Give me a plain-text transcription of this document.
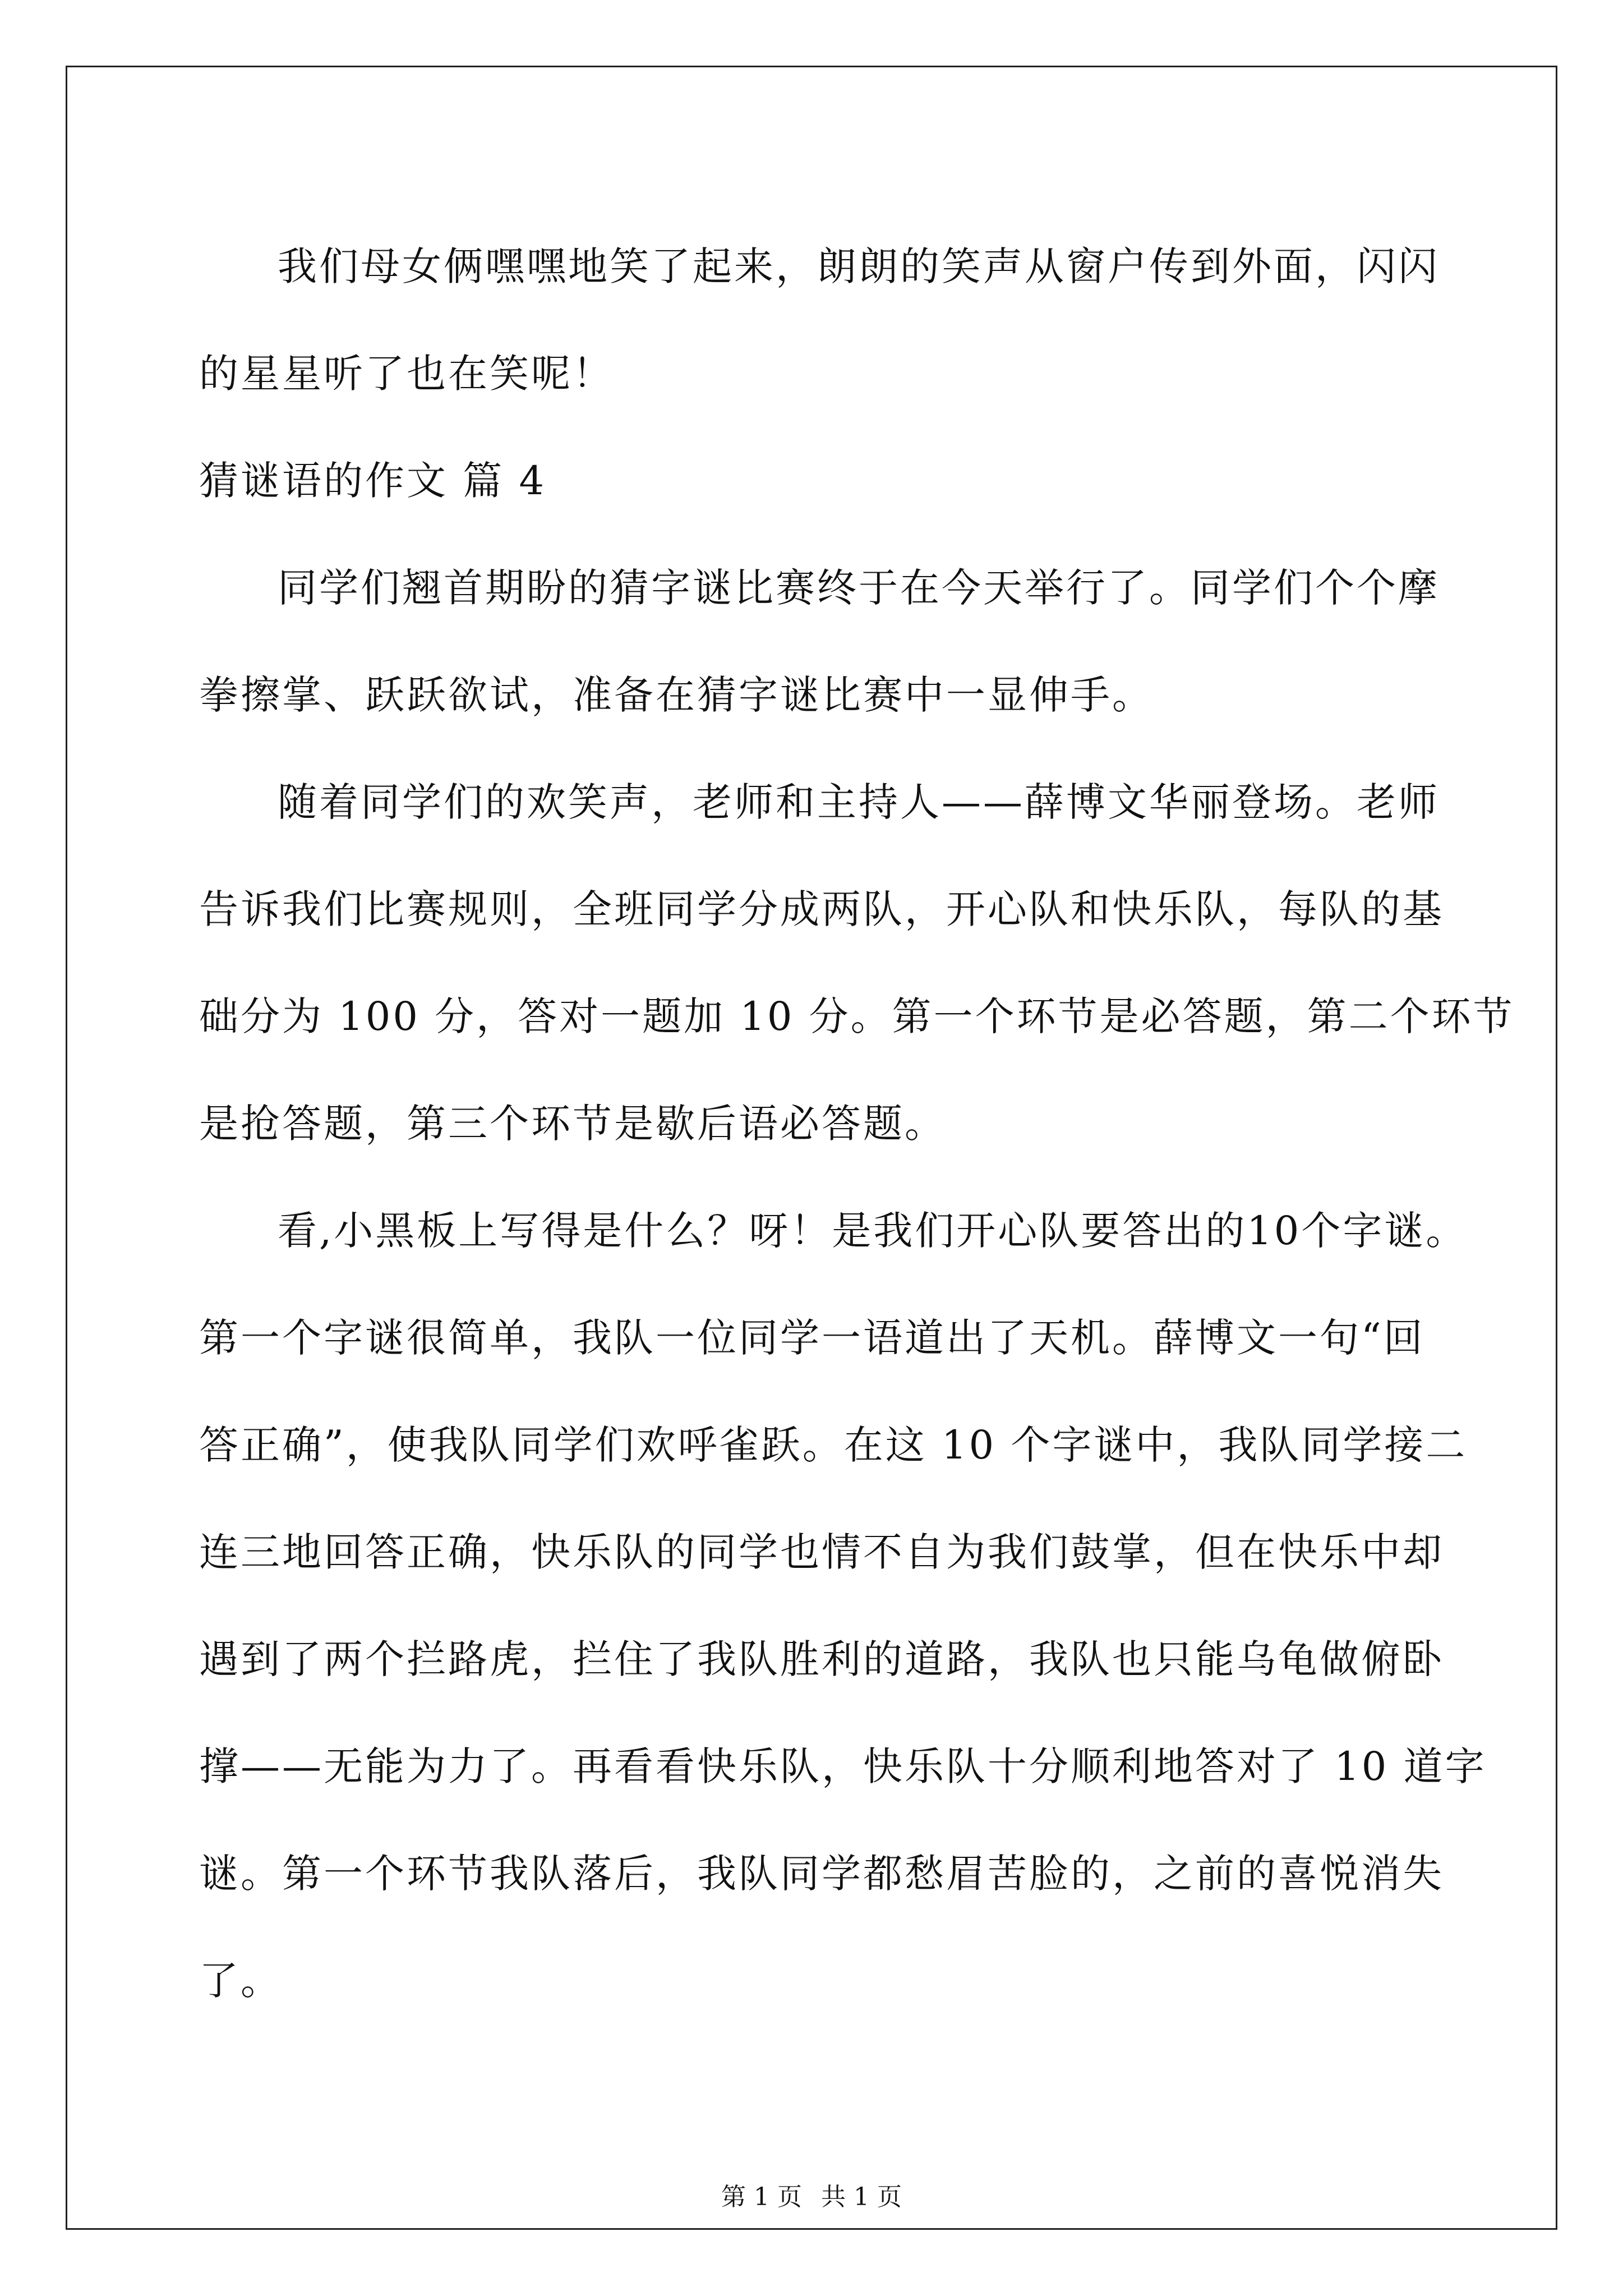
我们母女俩嘿嘿地笑了起来，朗朗的笑声从窗户传到外面，闪闪
的星星听了也在笑呢！

猜谜语的作文 篇 4

同学们翘首期盼的猜字谜比赛终于在今天举行了。同学们个个摩
拳擦掌、跃跃欲试，准备在猜字谜比赛中一显伸手。

随着同学们的欢笑声，老师和主持人——薛博文华丽登场。老师
告诉我们比赛规则，全班同学分成两队，开心队和快乐队，每队的基
础分为 100 分，答对一题加 10 分。第一个环节是必答题，第二个环节
是抢答题，第三个环节是歇后语必答题。

看,小黑板上写得是什么？呀！是我们开心队要答出的10个字谜。
第一个字谜很简单，我队一位同学一语道出了天机。薛博文一句“回
答正确”，使我队同学们欢呼雀跃。在这 10 个字谜中，我队同学接二
连三地回答正确，快乐队的同学也情不自为我们鼓掌，但在快乐中却
遇到了两个拦路虎，拦住了我队胜利的道路，我队也只能乌龟做俯卧
撑——无能为力了。再看看快乐队，快乐队十分顺利地答对了 10 道字
谜。第一个环节我队落后，我队同学都愁眉苦脸的，之前的喜悦消失
了。

第 1 页 共 1 页
